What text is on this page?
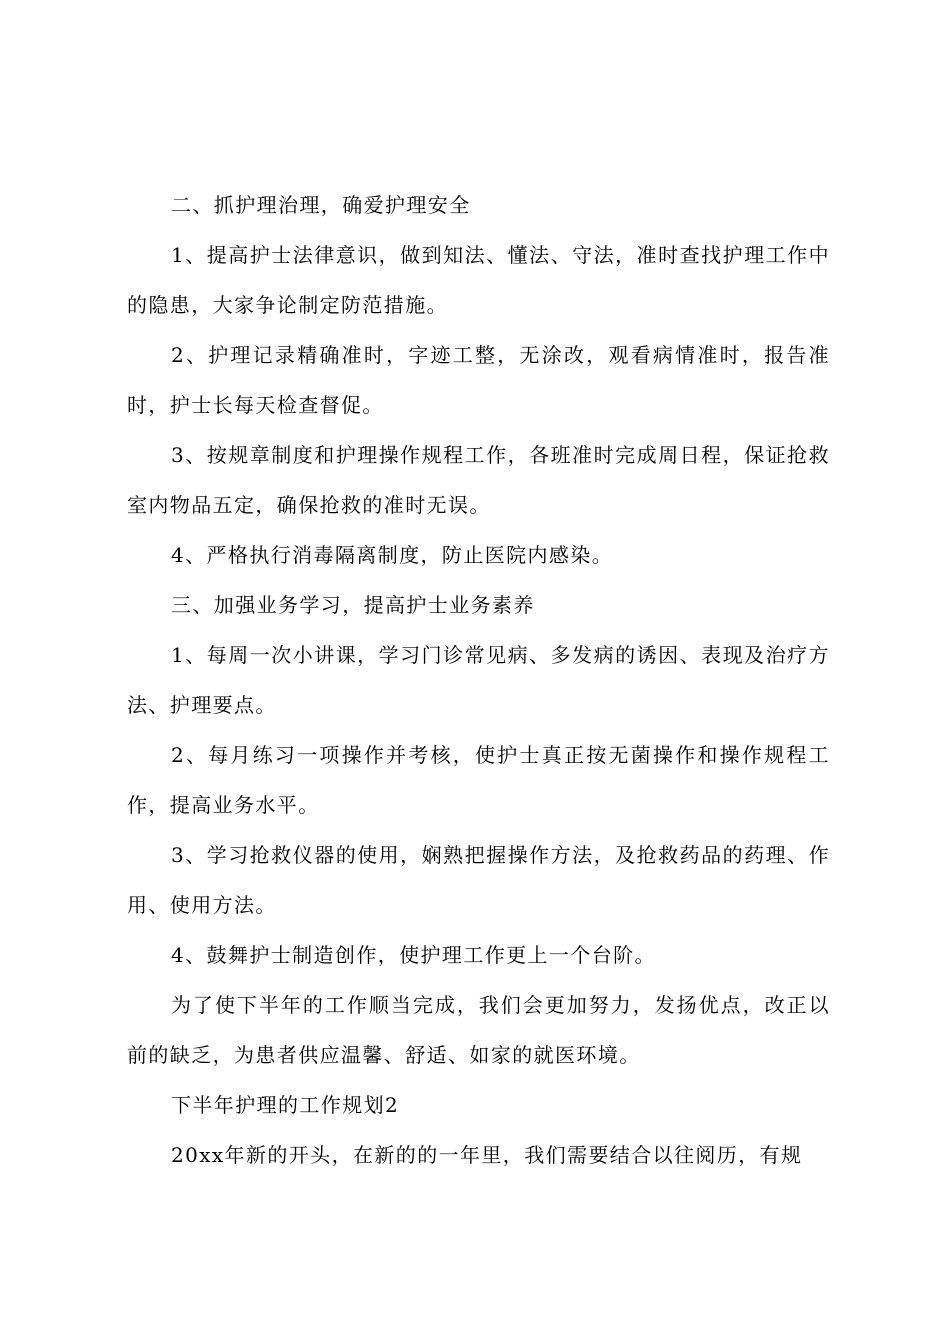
二、抓护理治理，确爱护理安全

1、提高护士法律意识，做到知法、懂法、守法，准时查找护理工作中的隐患，大家争论制定防范措施。

2、护理记录精确准时，字迹工整，无涂改，观看病情准时，报告准时，护士长每天检查督促。

3、按规章制度和护理操作规程工作，各班准时完成周日程，保证抢救室内物品五定，确保抢救的准时无误。

4、严格执行消毒隔离制度，防止医院内感染。

三、加强业务学习，提高护士业务素养

1、每周一次小讲课，学习门诊常见病、多发病的诱因、表现及治疗方法、护理要点。

2、每月练习一项操作并考核，使护士真正按无菌操作和操作规程工作，提高业务水平。

3、学习抢救仪器的使用，娴熟把握操作方法，及抢救药品的药理、作用、使用方法。

4、鼓舞护士制造创作，使护理工作更上一个台阶。

为了使下半年的工作顺当完成，我们会更加努力，发扬优点，改正以前的缺乏，为患者供应温馨、舒适、如家的就医环境。

下半年护理的工作规划2

20xx年新的开头，在新的的一年里，我们需要结合以往阅历，有规
